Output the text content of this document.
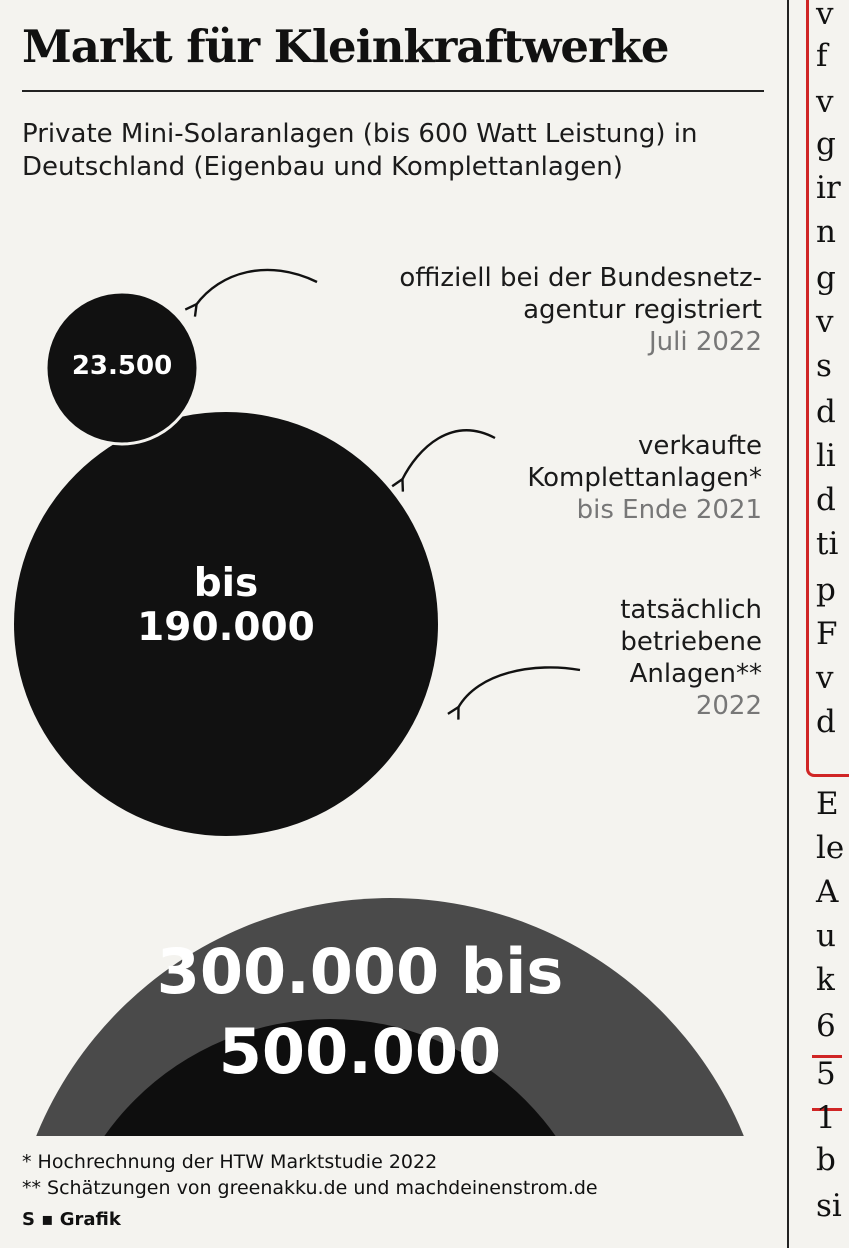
Markt für Kleinkraftwerke

Private Mini-Solaranlagen (bis 600 Watt Leistung) in Deutschland (Eigenbau und Komplettanlagen)

23.500
bis
190.000
300.000 bis
500.000
offiziell bei der Bundesnetz-
agentur registriert
Juli 2022
verkaufte
Komplettanlagen*
bis Ende 2021
tatsächlich
betriebene
Anlagen**
2022
* Hochrechnung der HTW Marktstudie 2022
** Schätzungen von greenakku.de und machdeinenstrom.de
S ▪ Grafik
v
f
v
g
ir
n
g
v
s
d
li
d
ti
p
F
v
d
E
le
A
u
k
6
5
1
b
si
